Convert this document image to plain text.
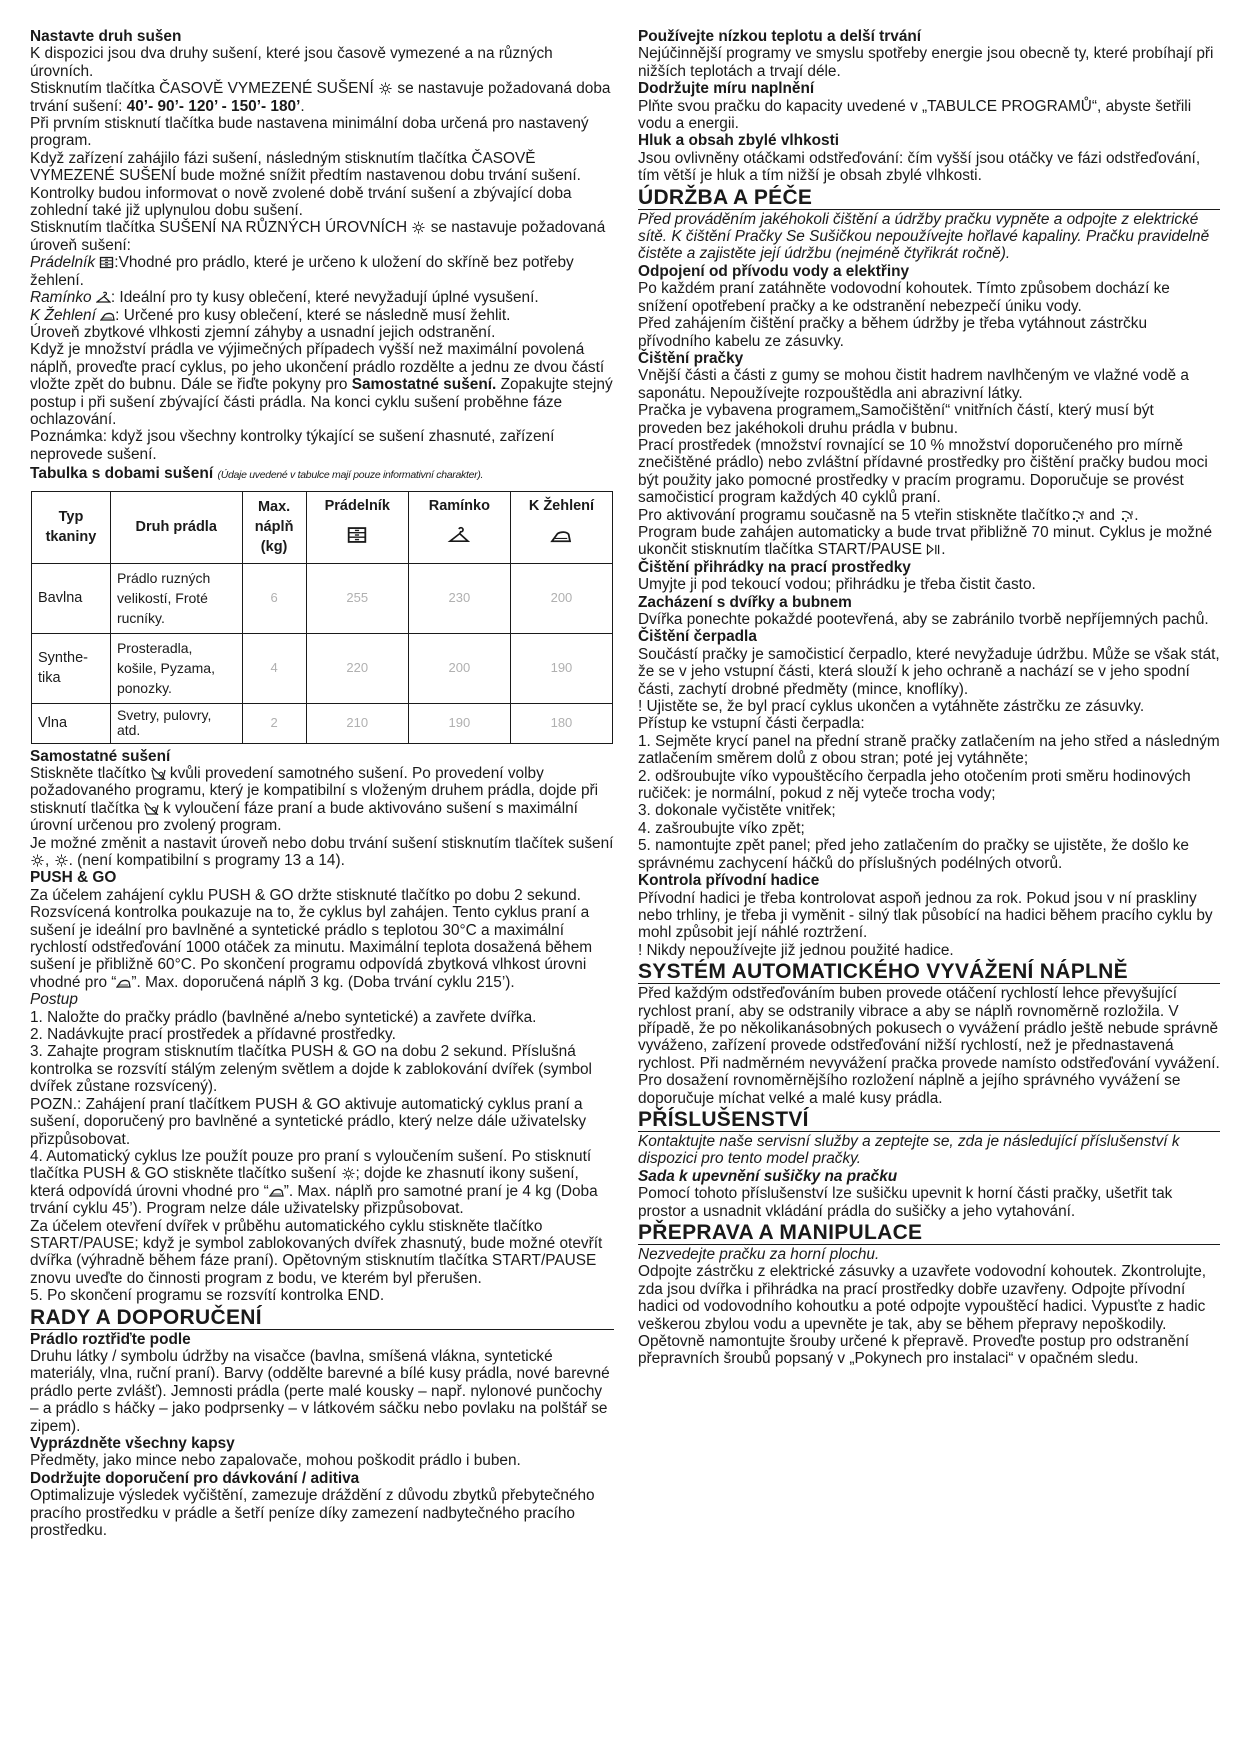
Nastavte druh sušen

K dispozici jsou dva druhy sušení, které jsou časově vymezené a na různých úrovních.

Stisknutím tlačítka ČASOVĚ VYMEZENÉ SUŠENÍ  se nastavuje požadovaná doba trvání sušení: 40’- 90’- 120’ - 150’- 180’.

Při prvním stisknutí tlačítka bude nastavena minimální doba určená pro nastavený program.

Když zařízení zahájilo fázi sušení, následným stisknutím tlačítka ČASOVĚ VYMEZENÉ SUŠENÍ bude možné snížit předtím nastavenou dobu trvání sušení. Kontrolky budou informovat o nově zvolené době trvání sušení a zbývající doba zohlední také již uplynulou dobu sušení.

Stisknutím tlačítka SUŠENÍ NA RŮZNÝCH ÚROVNÍCH  se nastavuje požadovaná úroveň sušení:

Prádelník :Vhodné pro prádlo, které je určeno k uložení do skříně bez potřeby žehlení.

Ramínko : Ideální pro ty kusy oblečení, které nevyžadují úplné vysušení.

K Žehlení : Určené pro kusy oblečení, které se následně musí žehlit.

Úroveň zbytkové vlhkosti zjemní záhyby a usnadní jejich odstranění.

Když je množství prádla ve výjimečných případech vyšší než maximální povolená náplň, proveďte prací cyklus, po jeho ukončení prádlo rozdělte a jednu ze dvou částí vložte zpět do bubnu. Dále se řiďte pokyny pro Samostatné sušení. Zopakujte stejný postup i při sušení zbývající části prádla. Na konci cyklu sušení proběhne fáze ochlazování.

Poznámka: když jsou všechny kontrolky týkající se sušení zhasnuté, zařízení neprovede sušení.

Tabulka s dobami sušení (Údaje uvedené v tabulce mají pouze informativní charakter).

Typ tkaniny	Druh prádla	Max. náplň (kg)	Prádelník	Ramínko	K Žehlení

Bavlna	Prádlo ruzných velikostí, Froté rucníky.	6	255	230	200
Synthe-tika	Prosteradla, košile, Pyzama, ponozky.	4	220	200	190
Vlna	Svetry, pulovry, atd.	2	210	190	180

Samostatné sušení

Stiskněte tlačítko  kvůli provedení samotného sušení. Po provedení volby požadovaného programu, který je kompatibilní s vloženým druhem prádla, dojde při stisknutí tlačítka  k vyloučení fáze praní a bude aktivováno sušení s maximální úrovní určenou pro zvolený program.

Je možné změnit a nastavit úroveň nebo dobu trvání sušení stisknutím tlačítek sušení , . (není kompatibilní s programy 13 a 14).

PUSH & GO

Za účelem zahájení cyklu PUSH & GO držte stisknuté tlačítko po dobu 2 sekund. Rozsvícená kontrolka poukazuje na to, že cyklus byl zahájen. Tento cyklus praní a sušení je ideální pro bavlněné a syntetické prádlo s teplotou 30°C a maximální rychlostí odstřeďování 1000 otáček za minutu. Maximální teplota dosažená během sušení je přibližně 60°C. Po skončení programu odpovídá zbytková vlhkost úrovni vhodné pro “ ”. Max. doporučená náplň 3 kg. (Doba trvání cyklu 215’).

Postup

1. Naložte do pračky prádlo (bavlněné a/nebo syntetické) a zavřete dvířka.

2. Nadávkujte prací prostředek a přídavné prostředky.

3. Zahajte program stisknutím tlačítka PUSH & GO na dobu 2 sekund. Příslušná kontrolka se rozsvítí stálým zeleným světlem a dojde k zablokování dvířek (symbol dvířek zůstane rozsvícený).

POZN.: Zahájení praní tlačítkem PUSH & GO aktivuje automatický cyklus praní a sušení, doporučený pro bavlněné a syntetické prádlo, který nelze dále uživatelsky přizpůsobovat.

4. Automatický cyklus lze použít pouze pro praní s vyloučením sušení. Po stisknutí tlačítka PUSH & GO stiskněte tlačítko sušení ; dojde ke zhasnutí ikony sušení, která odpovídá úrovni vhodné pro “ ”. Max. náplň pro samotné praní je 4 kg (Doba trvání cyklu 45’). Program nelze dále uživatelsky přizpůsobovat.

Za účelem otevření dvířek v průběhu automatického cyklu stiskněte tlačítko START/PAUSE; když je symbol zablokovaných dvířek zhasnutý, bude možné otevřít dvířka (výhradně během fáze praní). Opětovným stisknutím tlačítka START/PAUSE znovu uveďte do činnosti program z bodu, ve kterém byl přerušen.

5. Po skončení programu se rozsvítí kontrolka END.

RADY A DOPORUČENÍ

Prádlo roztřiďte podle

Druhu látky / symbolu údržby na visačce (bavlna, smíšená vlákna, syntetické materiály, vlna, ruční praní). Barvy (oddělte barevné a bílé kusy prádla, nové barevné prádlo perte zvlášť). Jemnosti prádla (perte malé kousky – např. nylonové punčochy – a prádlo s háčky – jako podprsenky – v látkovém sáčku nebo povlaku na polštář se zipem).

Vyprázdněte všechny kapsy

Předměty, jako mince nebo zapalovače, mohou poškodit prádlo i buben.

Dodržujte doporučení pro dávkování / aditiva

Optimalizuje výsledek vyčištění, zamezuje dráždění z důvodu zbytků přebytečného pracího prostředku v prádle a šetří peníze díky zamezení nadbytečného pracího prostředku.

Používejte nízkou teplotu a delší trvání

Nejúčinnější programy ve smyslu spotřeby energie jsou obecně ty, které probíhají při nižších teplotách a trvají déle.

Dodržujte míru naplnění

Plňte svou pračku do kapacity uvedené v „TABULCE PROGRAMŮ“, abyste šetřili vodu a energii.

Hluk a obsah zbylé vlhkosti

Jsou ovlivněny otáčkami odstřeďování: čím vyšší jsou otáčky ve fázi odstřeďování, tím větší je hluk a tím nižší je obsah zbylé vlhkosti.

ÚDRŽBA A PÉČE

Před prováděním jakéhokoli čištění a údržby pračku vypněte a odpojte z elektrické sítě. K čištění Pračky Se Sušičkou nepoužívejte hořlavé kapaliny. Pračku pravidelně čistěte a zajistěte její údržbu (nejméně čtyřikrát ročně).

Odpojení od přívodu vody a elektřiny

Po každém praní zatáhněte vodovodní kohoutek. Tímto způsobem dochází ke snížení opotřebení pračky a ke odstranění nebezpečí úniku vody.

Před zahájením čištění pračky a během údržby je třeba vytáhnout zástrčku přívodního kabelu ze zásuvky.

Čištění pračky

Vnější části a části z gumy se mohou čistit hadrem navlhčeným ve vlažné vodě a saponátu. Nepoužívejte rozpouštědla ani abrazivní látky.

Pračka je vybavena programem„Samočištění“ vnitřních částí, který musí být proveden bez jakéhokoli druhu prádla v bubnu.

Prací prostředek (množství rovnající se 10 % množství doporučeného pro mírně znečištěné prádlo) nebo zvláštní přídavné prostředky pro čištění pračky budou moci být použity jako pomocné prostředky v pracím programu. Doporučuje se provést samočisticí program každých 40 cyklů praní.

Pro aktivování programu současně na 5 vteřin stiskněte tlačítko and .

Program bude zahájen automaticky a bude trvat přibližně 70 minut. Cyklus je možné ukončit stisknutím tlačítka START/PAUSE .

Čištění přihrádky na prací prostředky

Umyjte ji pod tekoucí vodou; přihrádku je třeba čistit často.

Zacházení s dvířky a bubnem

Dvířka ponechte pokaždé pootevřená, aby se zabránilo tvorbě nepříjemných pachů.

Čištění čerpadla

Součástí pračky je samočisticí čerpadlo, které nevyžaduje údržbu. Může se však stát, že se v jeho vstupní části, která slouží k jeho ochraně a nachází se v jeho spodní části, zachytí drobné předměty (mince, knoflíky).

! Ujistěte se, že byl prací cyklus ukončen a vytáhněte zástrčku ze zásuvky.

Přístup ke vstupní části čerpadla:

1. Sejměte krycí panel na přední straně pračky zatlačením na jeho střed a následným zatlačením směrem dolů z obou stran; poté jej vytáhněte;

2. odšroubujte víko vypouštěcího čerpadla jeho otočením proti směru hodinových ručiček: je normální, pokud z něj vyteče trocha vody;

3. dokonale vyčistěte vnitřek;

4. zašroubujte víko zpět;

5. namontujte zpět panel; před jeho zatlačením do pračky se ujistěte, že došlo ke správnému zachycení háčků do příslušných podélných otvorů.

Kontrola přívodní hadice

Přívodní hadici je třeba kontrolovat aspoň jednou za rok. Pokud jsou v ní praskliny nebo trhliny, je třeba ji vyměnit - silný tlak působící na hadici během pracího cyklu by mohl způsobit její náhlé roztržení.

! Nikdy nepoužívejte již jednou použité hadice.

SYSTÉM AUTOMATICKÉHO VYVÁŽENÍ NÁPLNĚ

Před každým odstřeďováním buben provede otáčení rychlostí lehce převyšující rychlost praní, aby se odstranily vibrace a aby se náplň rovnoměrně rozložila. V případě, že po několikanásobných pokusech o vyvážení prádlo ještě nebude správně vyváženo, zařízení provede odstřeďování nižší rychlostí, než je přednastavená rychlost. Při nadměrném nevyvážení pračka provede namísto odstřeďování vyvážení. Pro dosažení rovnoměrnějšího rozložení náplně a jejího správného vyvážení se doporučuje míchat velké a malé kusy prádla.

PŘÍSLUŠENSTVÍ

Kontaktujte naše servisní služby a zeptejte se, zda je následující příslušenství k dispozici pro tento model pračky.

Sada k upevnění sušičky na pračku

Pomocí tohoto příslušenství lze sušičku upevnit k horní části pračky, ušetřit tak prostor a usnadnit vkládání prádla do sušičky a jeho vytahování.

PŘEPRAVA A MANIPULACE

Nezvedejte pračku za horní plochu.

Odpojte zástrčku z elektrické zásuvky a uzavřete vodovodní kohoutek. Zkontrolujte, zda jsou dvířka i přihrádka na prací prostředky dobře uzavřeny. Odpojte přívodní hadici od vodovodního kohoutku a poté odpojte vypouštěcí hadici. Vypusťte z hadic veškerou zbylou vodu a upevněte je tak, aby se během přepravy nepoškodily. Opětovně namontujte šrouby určené k přepravě. Proveďte postup pro odstranění přepravních šroubů popsaný v „Pokynech pro instalaci“ v opačném sledu.
